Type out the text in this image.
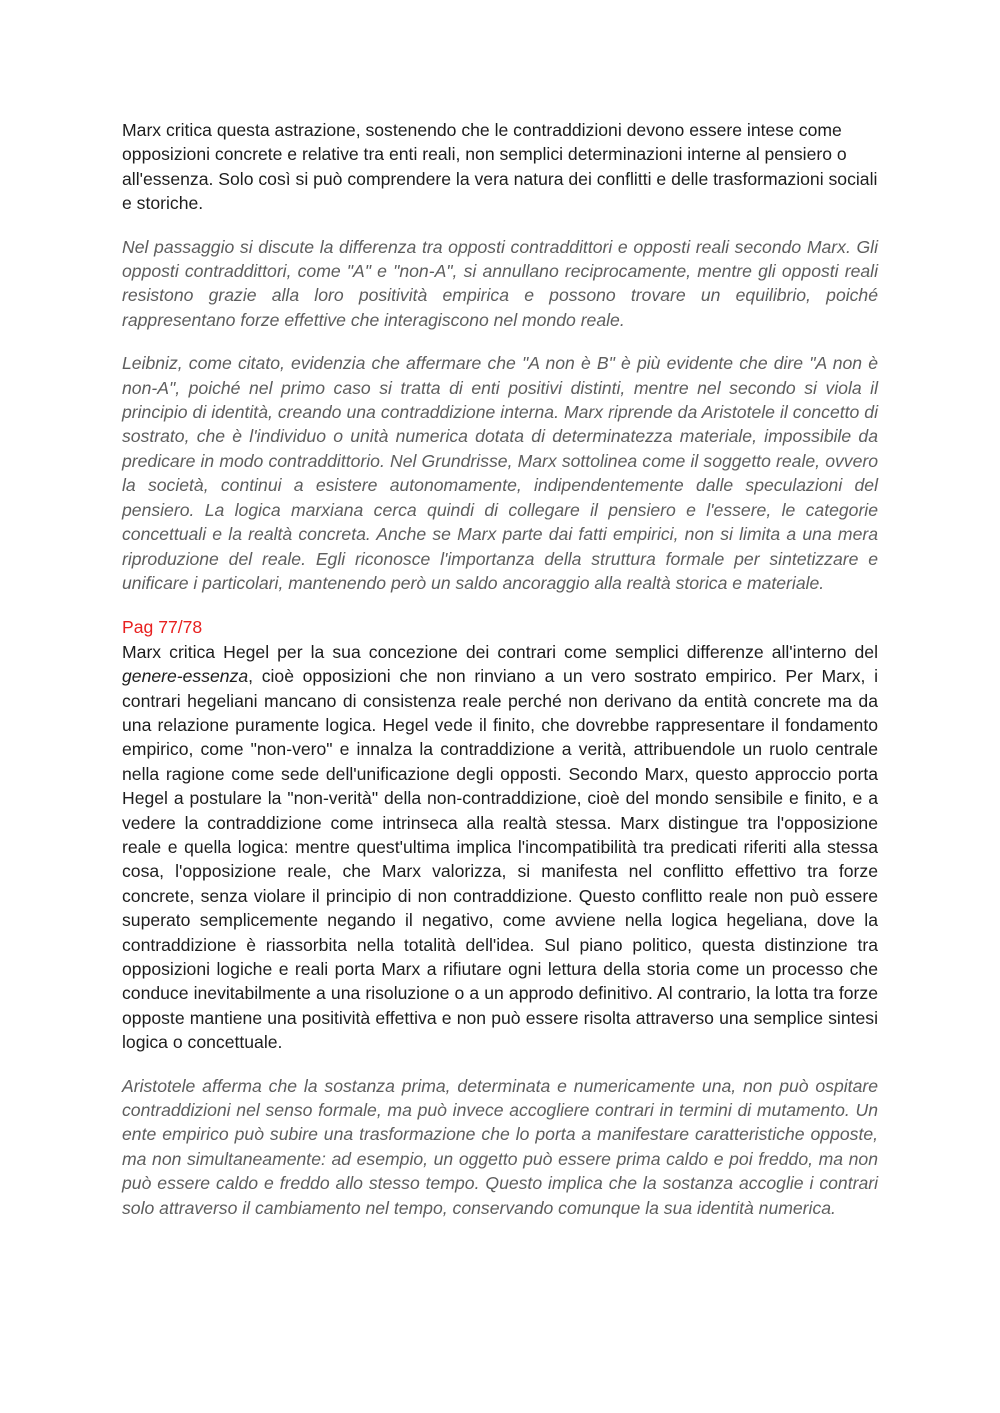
Marx critica questa astrazione, sostenendo che le contraddizioni devono essere intese come opposizioni concrete e relative tra enti reali, non semplici determinazioni interne al pensiero o all'essenza. Solo così si può comprendere la vera natura dei conflitti e delle trasformazioni sociali e storiche.

Nel passaggio si discute la differenza tra opposti contraddittori e opposti reali secondo Marx. Gli opposti contraddittori, come "A" e "non-A", si annullano reciprocamente, mentre gli opposti reali resistono grazie alla loro positività empirica e possono trovare un equilibrio, poiché rappresentano forze effettive che interagiscono nel mondo reale.

Leibniz, come citato, evidenzia che affermare che "A non è B" è più evidente che dire "A non è non-A", poiché nel primo caso si tratta di enti positivi distinti, mentre nel secondo si viola il principio di identità, creando una contraddizione interna. Marx riprende da Aristotele il concetto di sostrato, che è l'individuo o unità numerica dotata di determinatezza materiale, impossibile da predicare in modo contraddittorio. Nel Grundrisse, Marx sottolinea come il soggetto reale, ovvero la società, continui a esistere autonomamente, indipendentemente dalle speculazioni del pensiero. La logica marxiana cerca quindi di collegare il pensiero e l'essere, le categorie concettuali e la realtà concreta. Anche se Marx parte dai fatti empirici, non si limita a una mera riproduzione del reale. Egli riconosce l'importanza della struttura formale per sintetizzare e unificare i particolari, mantenendo però un saldo ancoraggio alla realtà storica e materiale.

Pag 77/78

Marx critica Hegel per la sua concezione dei contrari come semplici differenze all'interno del genere-essenza, cioè opposizioni che non rinviano a un vero sostrato empirico. Per Marx, i contrari hegeliani mancano di consistenza reale perché non derivano da entità concrete ma da una relazione puramente logica. Hegel vede il finito, che dovrebbe rappresentare il fondamento empirico, come "non-vero" e innalza la contraddizione a verità, attribuendole un ruolo centrale nella ragione come sede dell'unificazione degli opposti. Secondo Marx, questo approccio porta Hegel a postulare la "non-verità" della non-contraddizione, cioè del mondo sensibile e finito, e a vedere la contraddizione come intrinseca alla realtà stessa. Marx distingue tra l'opposizione reale e quella logica: mentre quest'ultima implica l'incompatibilità tra predicati riferiti alla stessa cosa, l'opposizione reale, che Marx valorizza, si manifesta nel conflitto effettivo tra forze concrete, senza violare il principio di non contraddizione. Questo conflitto reale non può essere superato semplicemente negando il negativo, come avviene nella logica hegeliana, dove la contraddizione è riassorbita nella totalità dell'idea. Sul piano politico, questa distinzione tra opposizioni logiche e reali porta Marx a rifiutare ogni lettura della storia come un processo che conduce inevitabilmente a una risoluzione o a un approdo definitivo. Al contrario, la lotta tra forze opposte mantiene una positività effettiva e non può essere risolta attraverso una semplice sintesi logica o concettuale.

Aristotele afferma che la sostanza prima, determinata e numericamente una, non può ospitare contraddizioni nel senso formale, ma può invece accogliere contrari in termini di mutamento. Un ente empirico può subire una trasformazione che lo porta a manifestare caratteristiche opposte, ma non simultaneamente: ad esempio, un oggetto può essere prima caldo e poi freddo, ma non può essere caldo e freddo allo stesso tempo. Questo implica che la sostanza accoglie i contrari solo attraverso il cambiamento nel tempo, conservando comunque la sua identità numerica.
